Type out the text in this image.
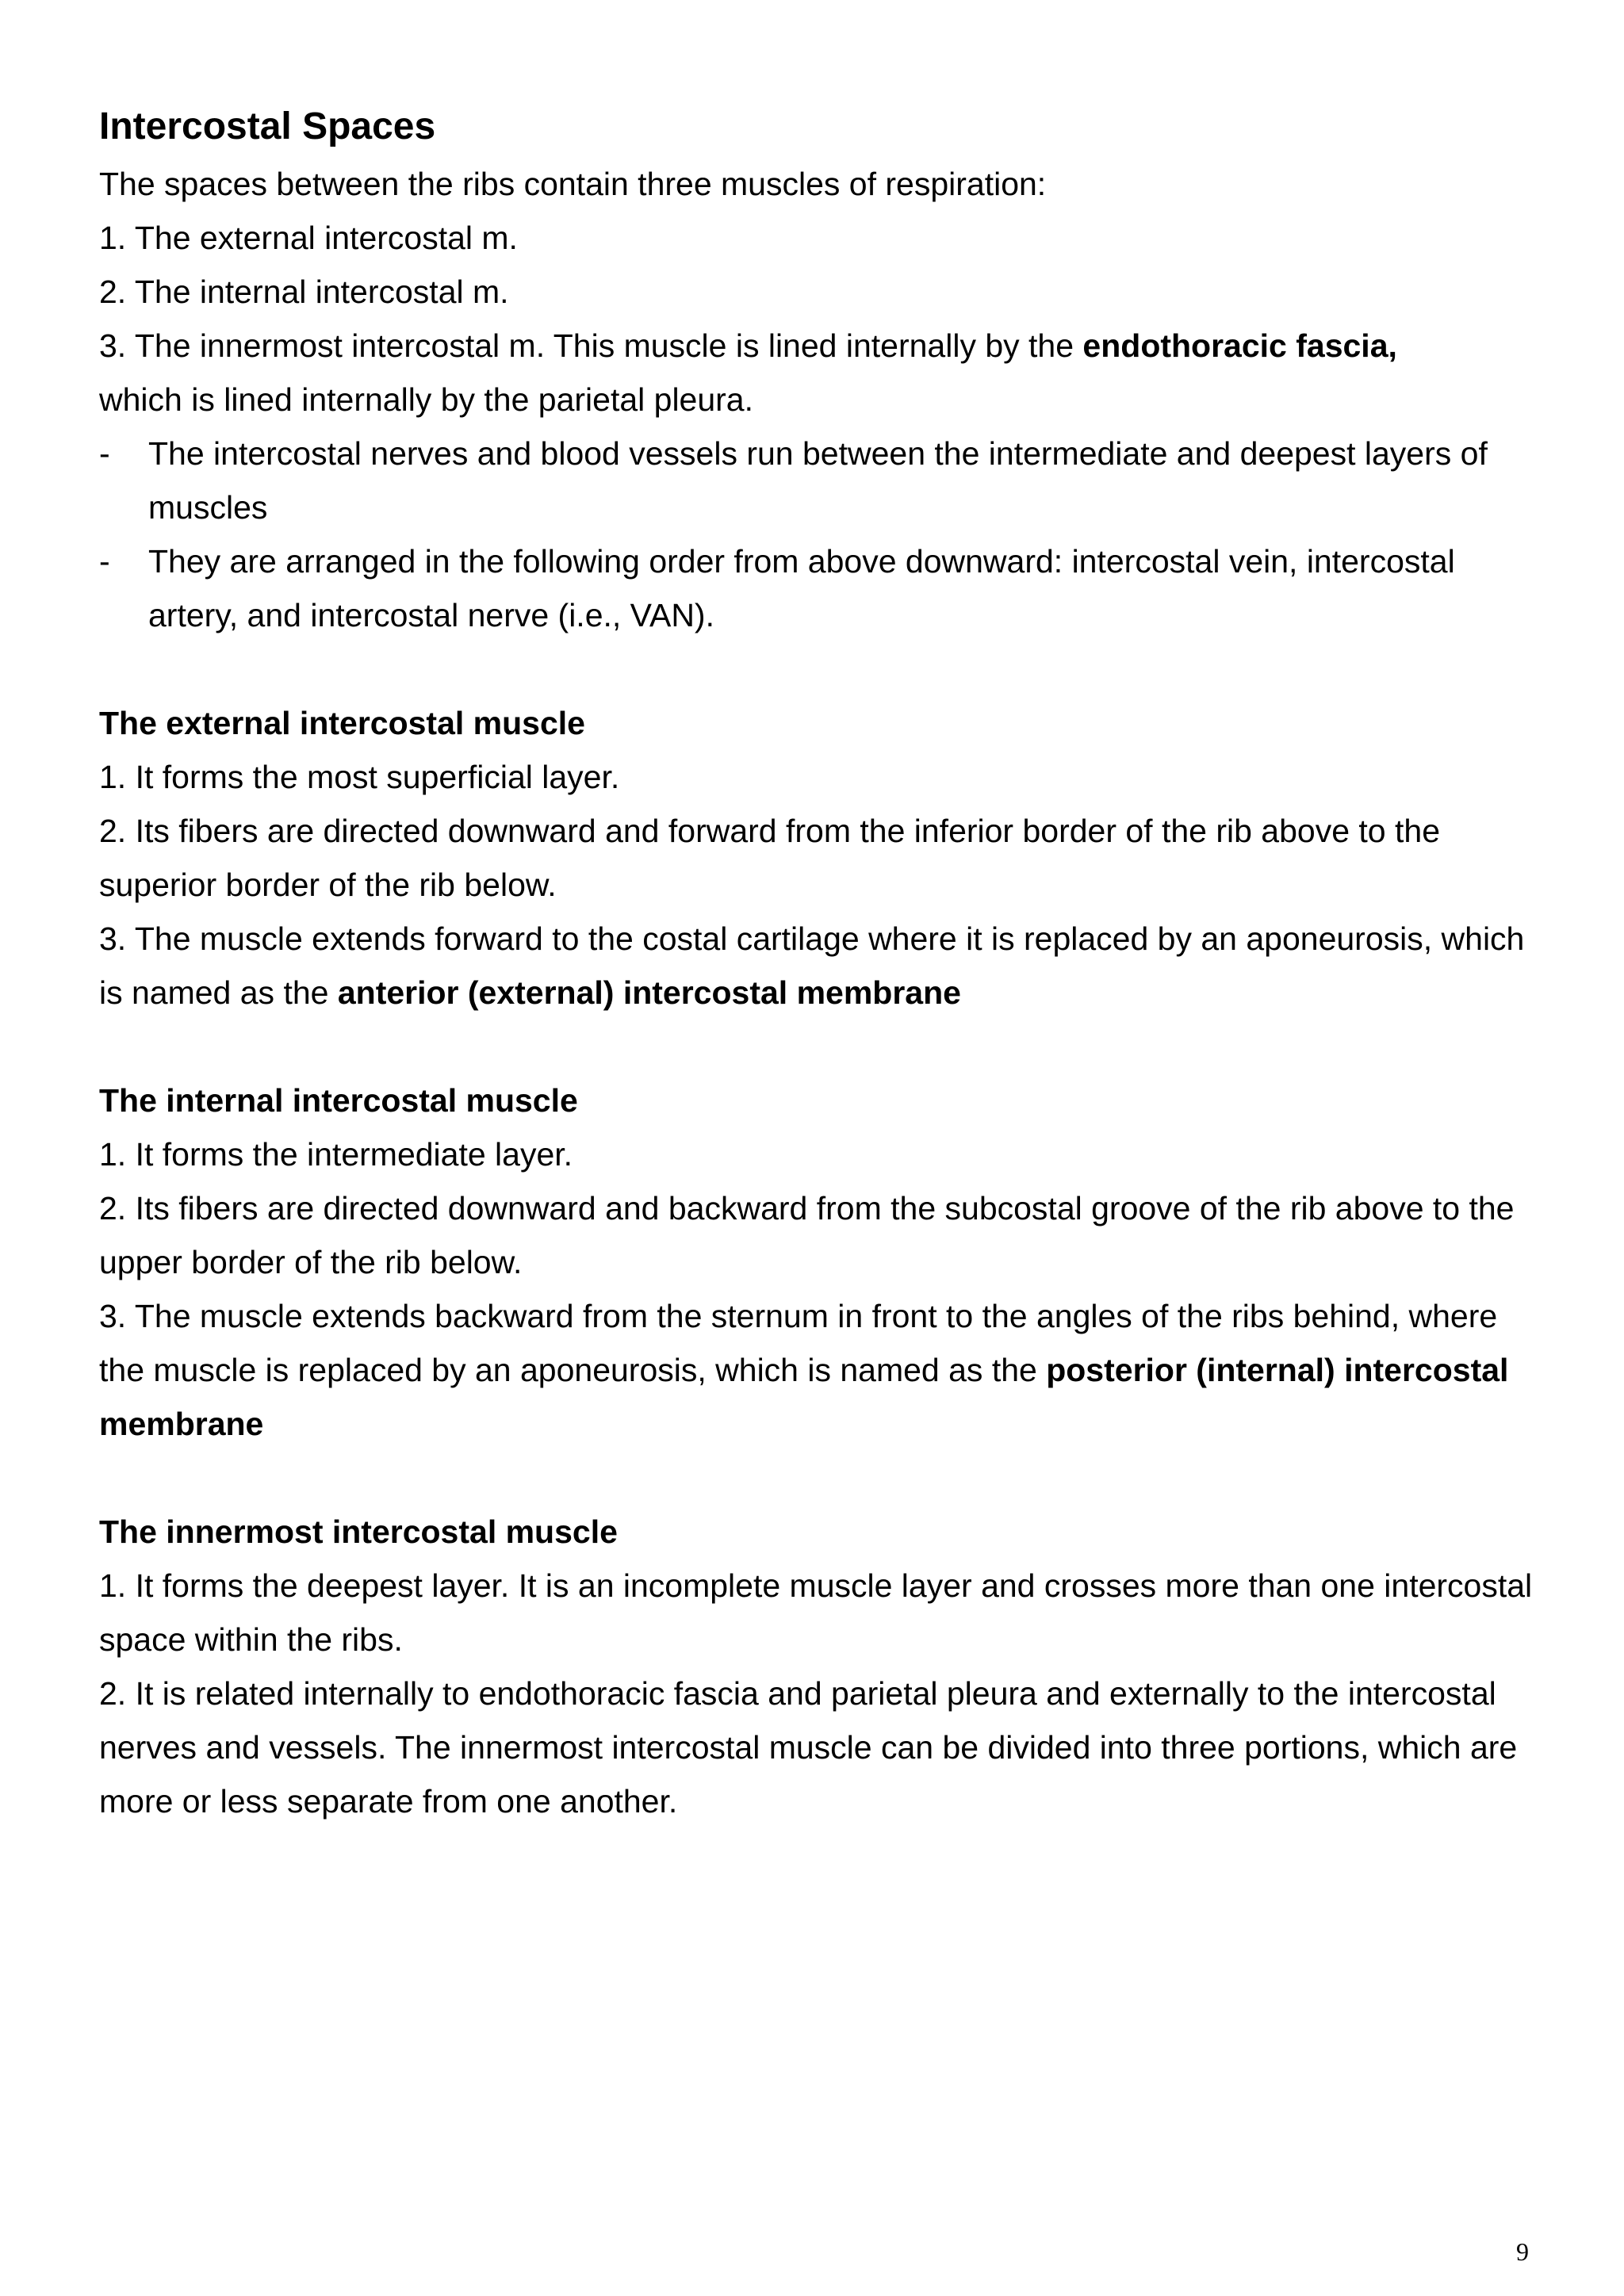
Intercostal Spaces

The spaces between the ribs contain three muscles of respiration:

1. The external intercostal m.

2. The internal intercostal m.

3. The innermost intercostal m. This muscle is lined internally by the endothoracic fascia,
which is lined internally by the parietal pleura.

- The intercostal nerves and blood vessels run between the intermediate and deepest layers of muscles

- They are arranged in the following order from above downward: intercostal vein, intercostal artery, and intercostal nerve (i.e., VAN).

The external intercostal muscle

1. It forms the most superficial layer.

2. Its fibers are directed downward and forward from the inferior border of the rib above to the superior border of the rib below.

3. The muscle extends forward to the costal cartilage where it is replaced by an aponeurosis, which is named as the anterior (external) intercostal membrane

The internal intercostal muscle

1. It forms the intermediate layer.

2. Its fibers are directed downward and backward from the subcostal groove of the rib above to the upper border of the rib below.

3. The muscle extends backward from the sternum in front to the angles of the ribs behind, where the muscle is replaced by an aponeurosis, which is named as the posterior (internal) intercostal membrane

The innermost intercostal muscle

1. It forms the deepest layer. It is an incomplete muscle layer and crosses more than one intercostal space within the ribs.

2. It is related internally to endothoracic fascia and parietal pleura and externally to the intercostal nerves and vessels. The innermost intercostal muscle can be divided into three portions, which are more or less separate from one another.

9
